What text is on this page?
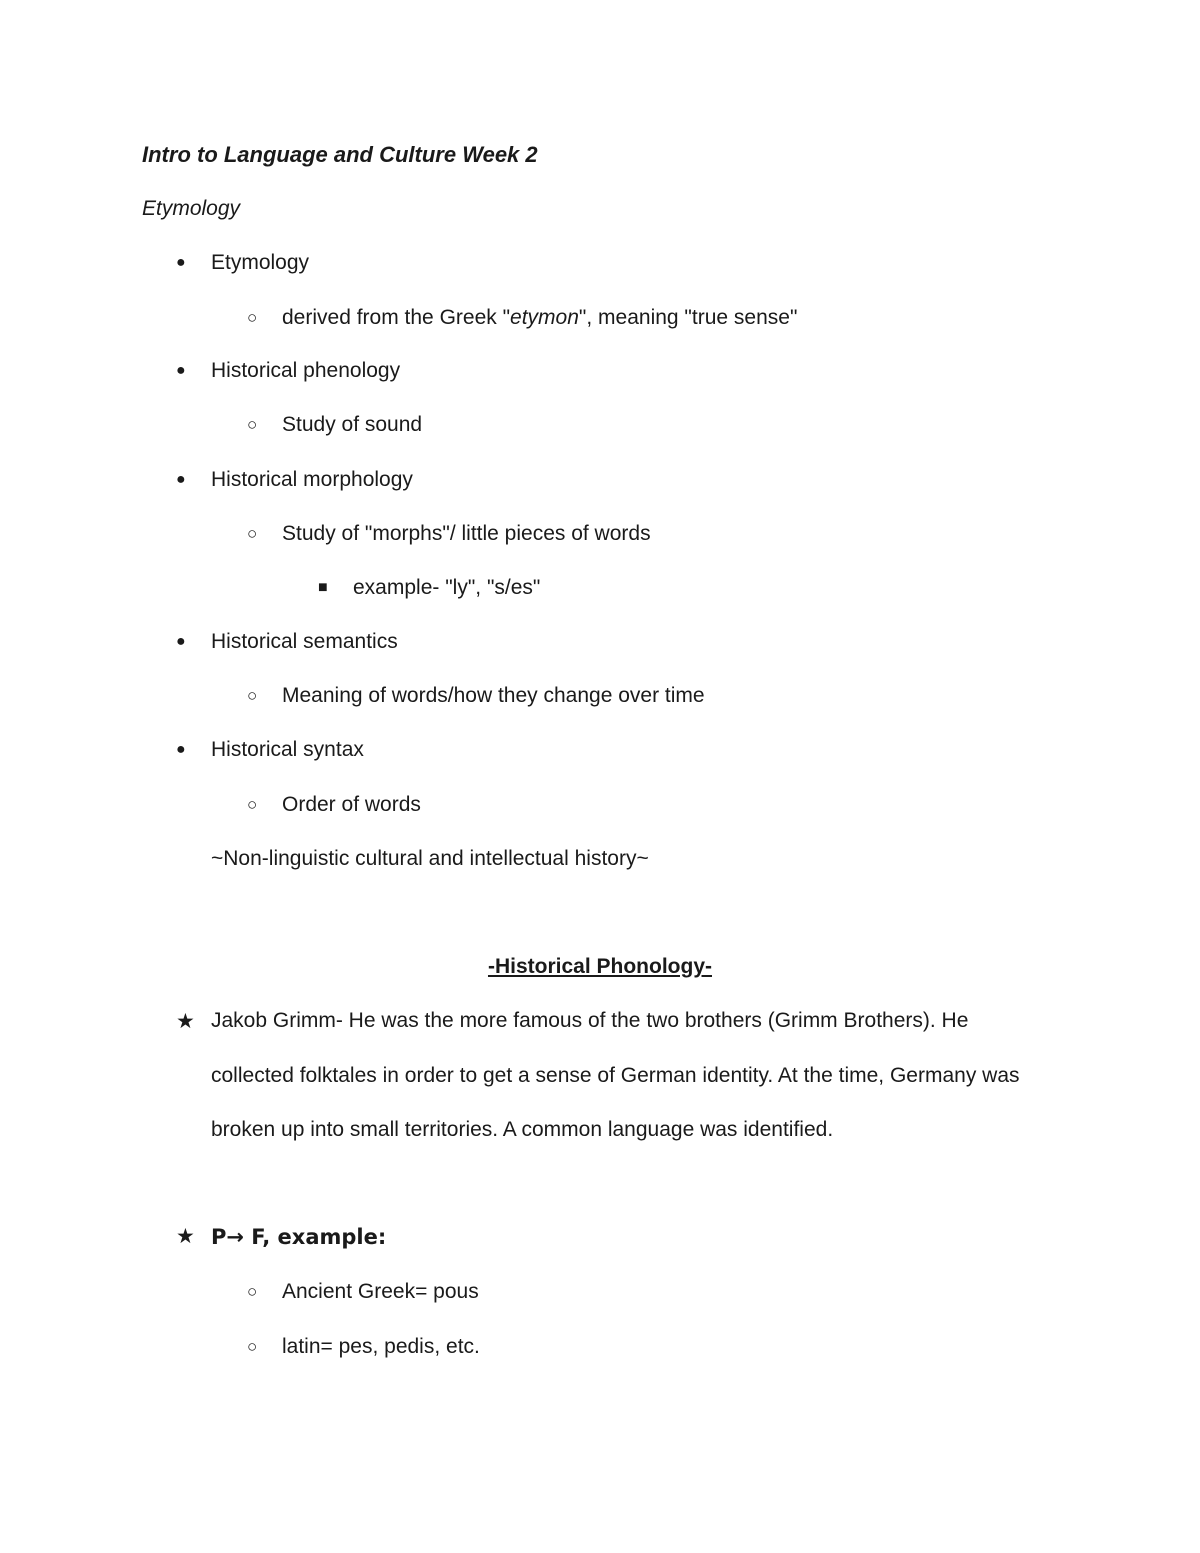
Intro to Language and Culture Week 2
Etymology
● Etymology
○ derived from the Greek "etymon", meaning "true sense"
● Historical phenology
○ Study of sound
● Historical morphology
○ Study of "morphs"/ little pieces of words
■ example- "ly", "s/es"
● Historical semantics
○ Meaning of words/how they change over time
● Historical syntax
○ Order of words
~Non-linguistic cultural and intellectual history~
-Historical Phonology-
★ Jakob Grimm- He was the more famous of the two brothers (Grimm Brothers). He collected folktales in order to get a sense of German identity. At the time, Germany was broken up into small territories. A common language was identified.
★ P→ F, example:
○ Ancient Greek= pous
○ latin= pes, pedis, etc.
